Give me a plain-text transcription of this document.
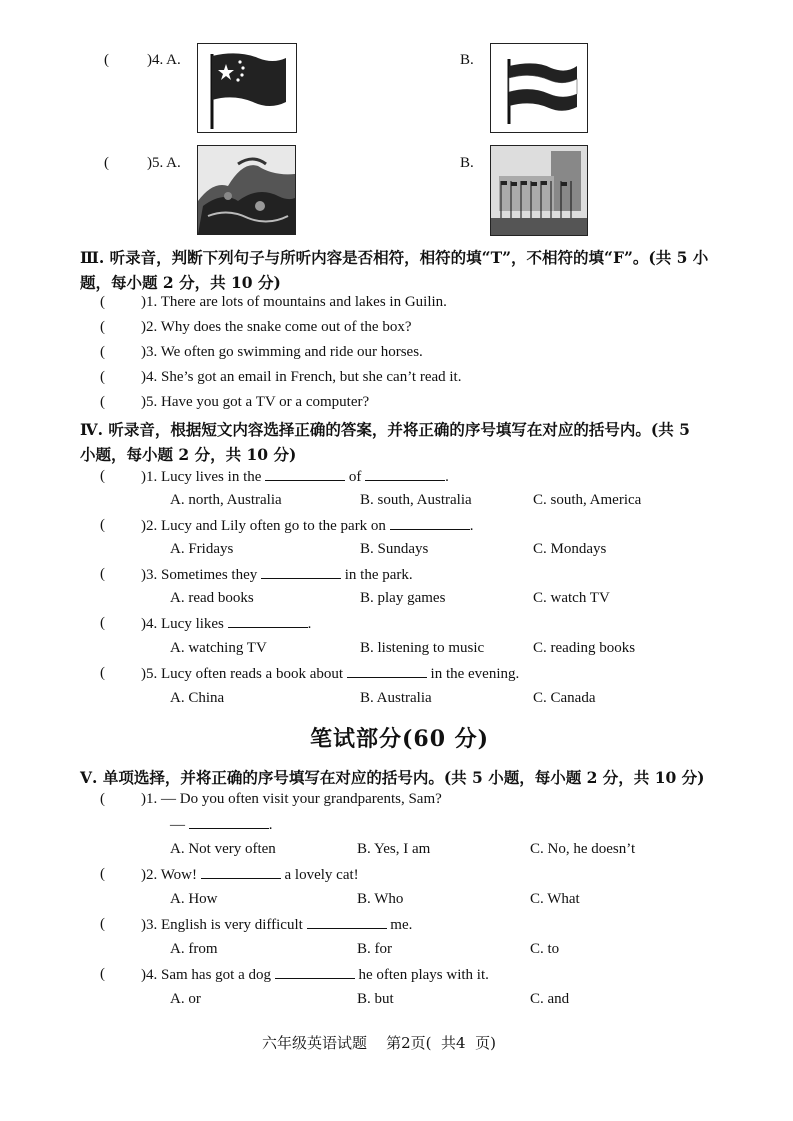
(	)4. A.	B.
(	)5. A.	B.
Ⅲ. 听录音，判断下列句子与所听内容是否相符，相符的填“T”，不相符的填“F”。(共 5 小
题，每小题 2 分，共 10 分)
( )1. There are lots of mountains and lakes in Guilin.
( )2. Why does the snake come out of the box?
( )3. We often go swimming and ride our horses.
( )4. She’s got an email in French, but she can’t read it.
( )5. Have you got a TV or a computer?
Ⅳ. 听录音，根据短文内容选择正确的答案，并将正确的序号填写在对应的括号内。(共 5
小题，每小题 2 分，共 10 分)
( )1. Lucy lives in the	of	.
A. north, Australia	B. south, Australia	C. south, America
( )2. Lucy and Lily often go to the park on	.
A. Fridays	B. Sundays	C. Mondays
( )3. Sometimes they	in the park.
A. read books	B. play games	C. watch TV
( )4. Lucy likes	.
A. watching TV	B. listening to music	C. reading books
( )5. Lucy often reads a book about	in the evening.
A. China	B. Australia	C. Canada
笔试部分(60 分)
Ⅴ. 单项选择，并将正确的序号填写在对应的括号内。(共 5 小题，每小题 2 分，共 10 分)
( )1. — Do you often visit your grandparents, Sam?
—	.
A. Not very often	B. Yes, I am	C. No, he doesn’t
( )2. Wow!	a lovely cat!
A. How	B. Who	C. What
( )3. English is very difficult	me.
A. from	B. for	C. to
( )4. Sam has got a dog	he often plays with it.
A. or	B. but	C. and
六年级英语试题    第2页(  共4  页)
